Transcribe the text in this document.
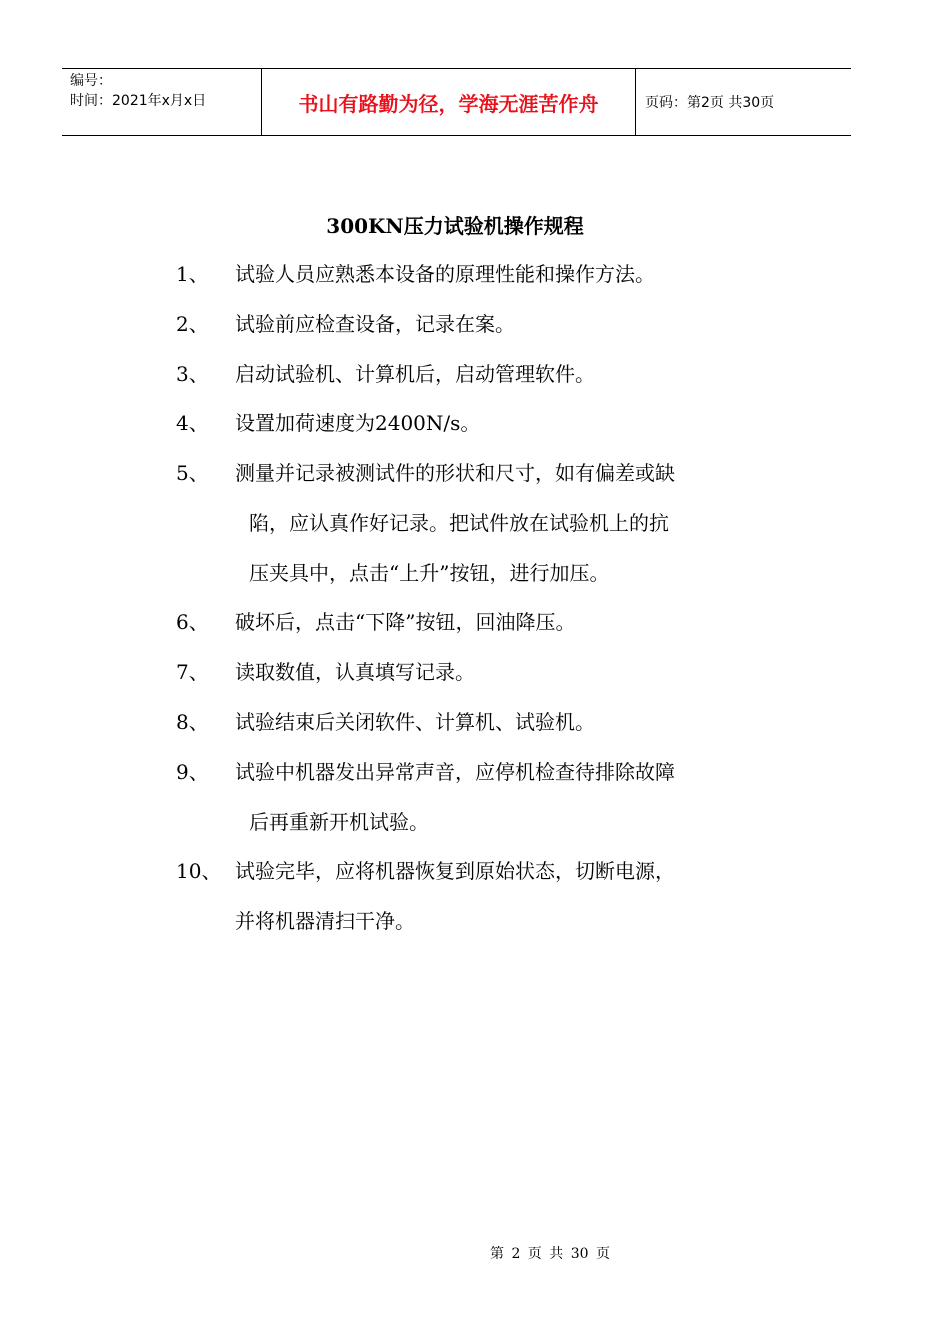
编号：
时间：2021年x月x日	书山有路勤为径，学海无涯苦作舟	页码：第2页 共30页
300KN压力试验机操作规程
1、 试验人员应熟悉本设备的原理性能和操作方法。
2、 试验前应检查设备，记录在案。
3、 启动试验机、计算机后，启动管理软件。
4、 设置加荷速度为2400N/s。
5、 测量并记录被测试件的形状和尺寸，如有偏差或缺
陷，应认真作好记录。把试件放在试验机上的抗
压夹具中，点击“上升”按钮，进行加压。
6、 破坏后，点击“下降”按钮，回油降压。
7、 读取数值，认真填写记录。
8、 试验结束后关闭软件、计算机、试验机。
9、 试验中机器发出异常声音，应停机检查待排除故障
后再重新开机试验。
10、 试验完毕，应将机器恢复到原始状态，切断电源，
并将机器清扫干净。
第 2 页 共 30 页
